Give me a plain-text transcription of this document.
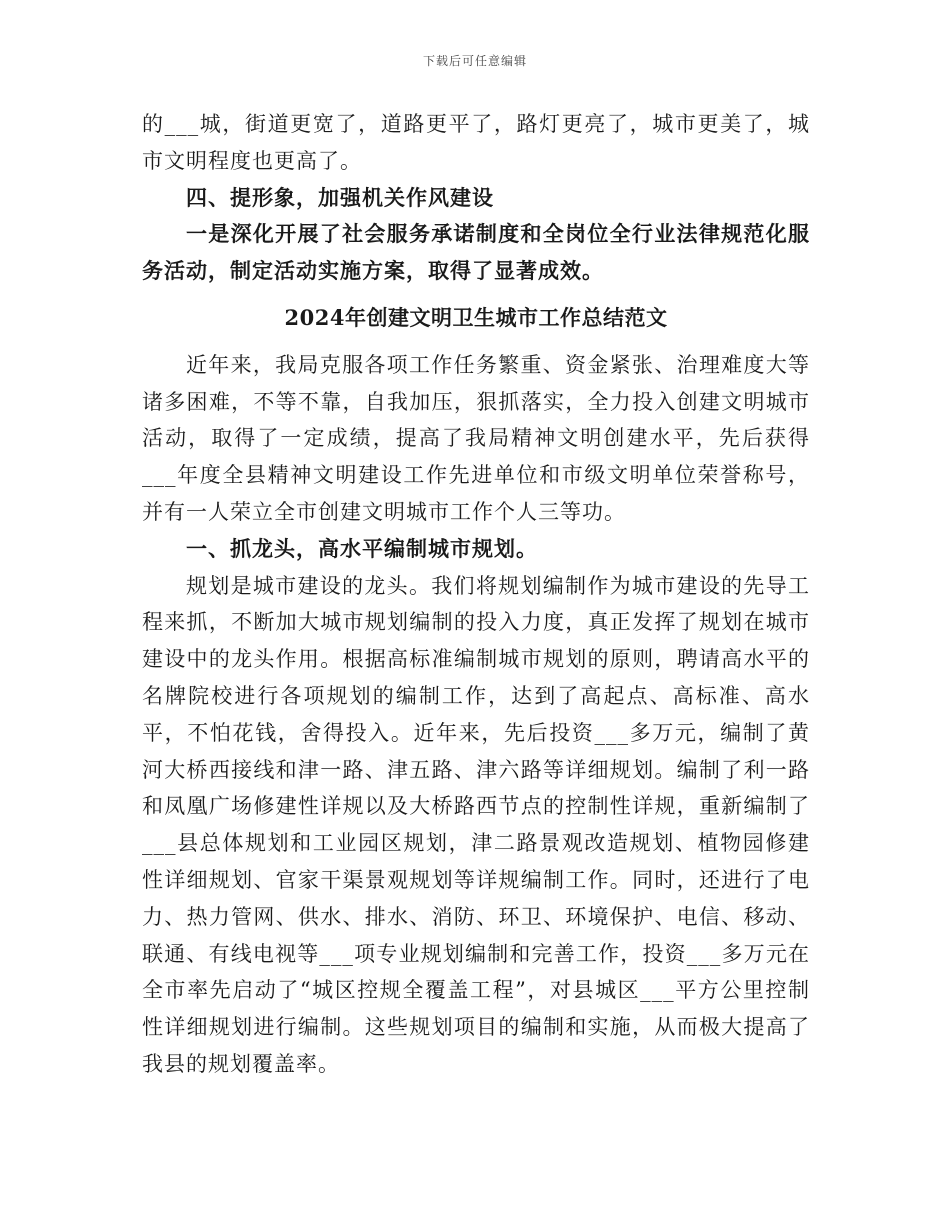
下载后可任意编辑

的___城，街道更宽了，道路更平了，路灯更亮了，城市更美了，城市文明程度也更高了。

四、提形象，加强机关作风建设

一是深化开展了社会服务承诺制度和全岗位全行业法律规范化服务活动，制定活动实施方案，取得了显著成效。

2024年创建文明卫生城市工作总结范文

近年来，我局克服各项工作任务繁重、资金紧张、治理难度大等诸多困难，不等不靠，自我加压，狠抓落实，全力投入创建文明城市活动，取得了一定成绩，提高了我局精神文明创建水平，先后获得___年度全县精神文明建设工作先进单位和市级文明单位荣誉称号，并有一人荣立全市创建文明城市工作个人三等功。

一、抓龙头，高水平编制城市规划。

规划是城市建设的龙头。我们将规划编制作为城市建设的先导工程来抓，不断加大城市规划编制的投入力度，真正发挥了规划在城市建设中的龙头作用。根据高标准编制城市规划的原则，聘请高水平的名牌院校进行各项规划的编制工作，达到了高起点、高标准、高水平，不怕花钱，舍得投入。近年来，先后投资___多万元，编制了黄河大桥西接线和津一路、津五路、津六路等详细规划。编制了利一路和凤凰广场修建性详规以及大桥路西节点的控制性详规，重新编制了___县总体规划和工业园区规划，津二路景观改造规划、植物园修建性详细规划、官家干渠景观规划等详规编制工作。同时，还进行了电力、热力管网、供水、排水、消防、环卫、环境保护、电信、移动、联通、有线电视等___项专业规划编制和完善工作，投资___多万元在全市率先启动了“城区控规全覆盖工程”，对县城区___平方公里控制性详细规划进行编制。这些规划项目的编制和实施，从而极大提高了我县的规划覆盖率。
